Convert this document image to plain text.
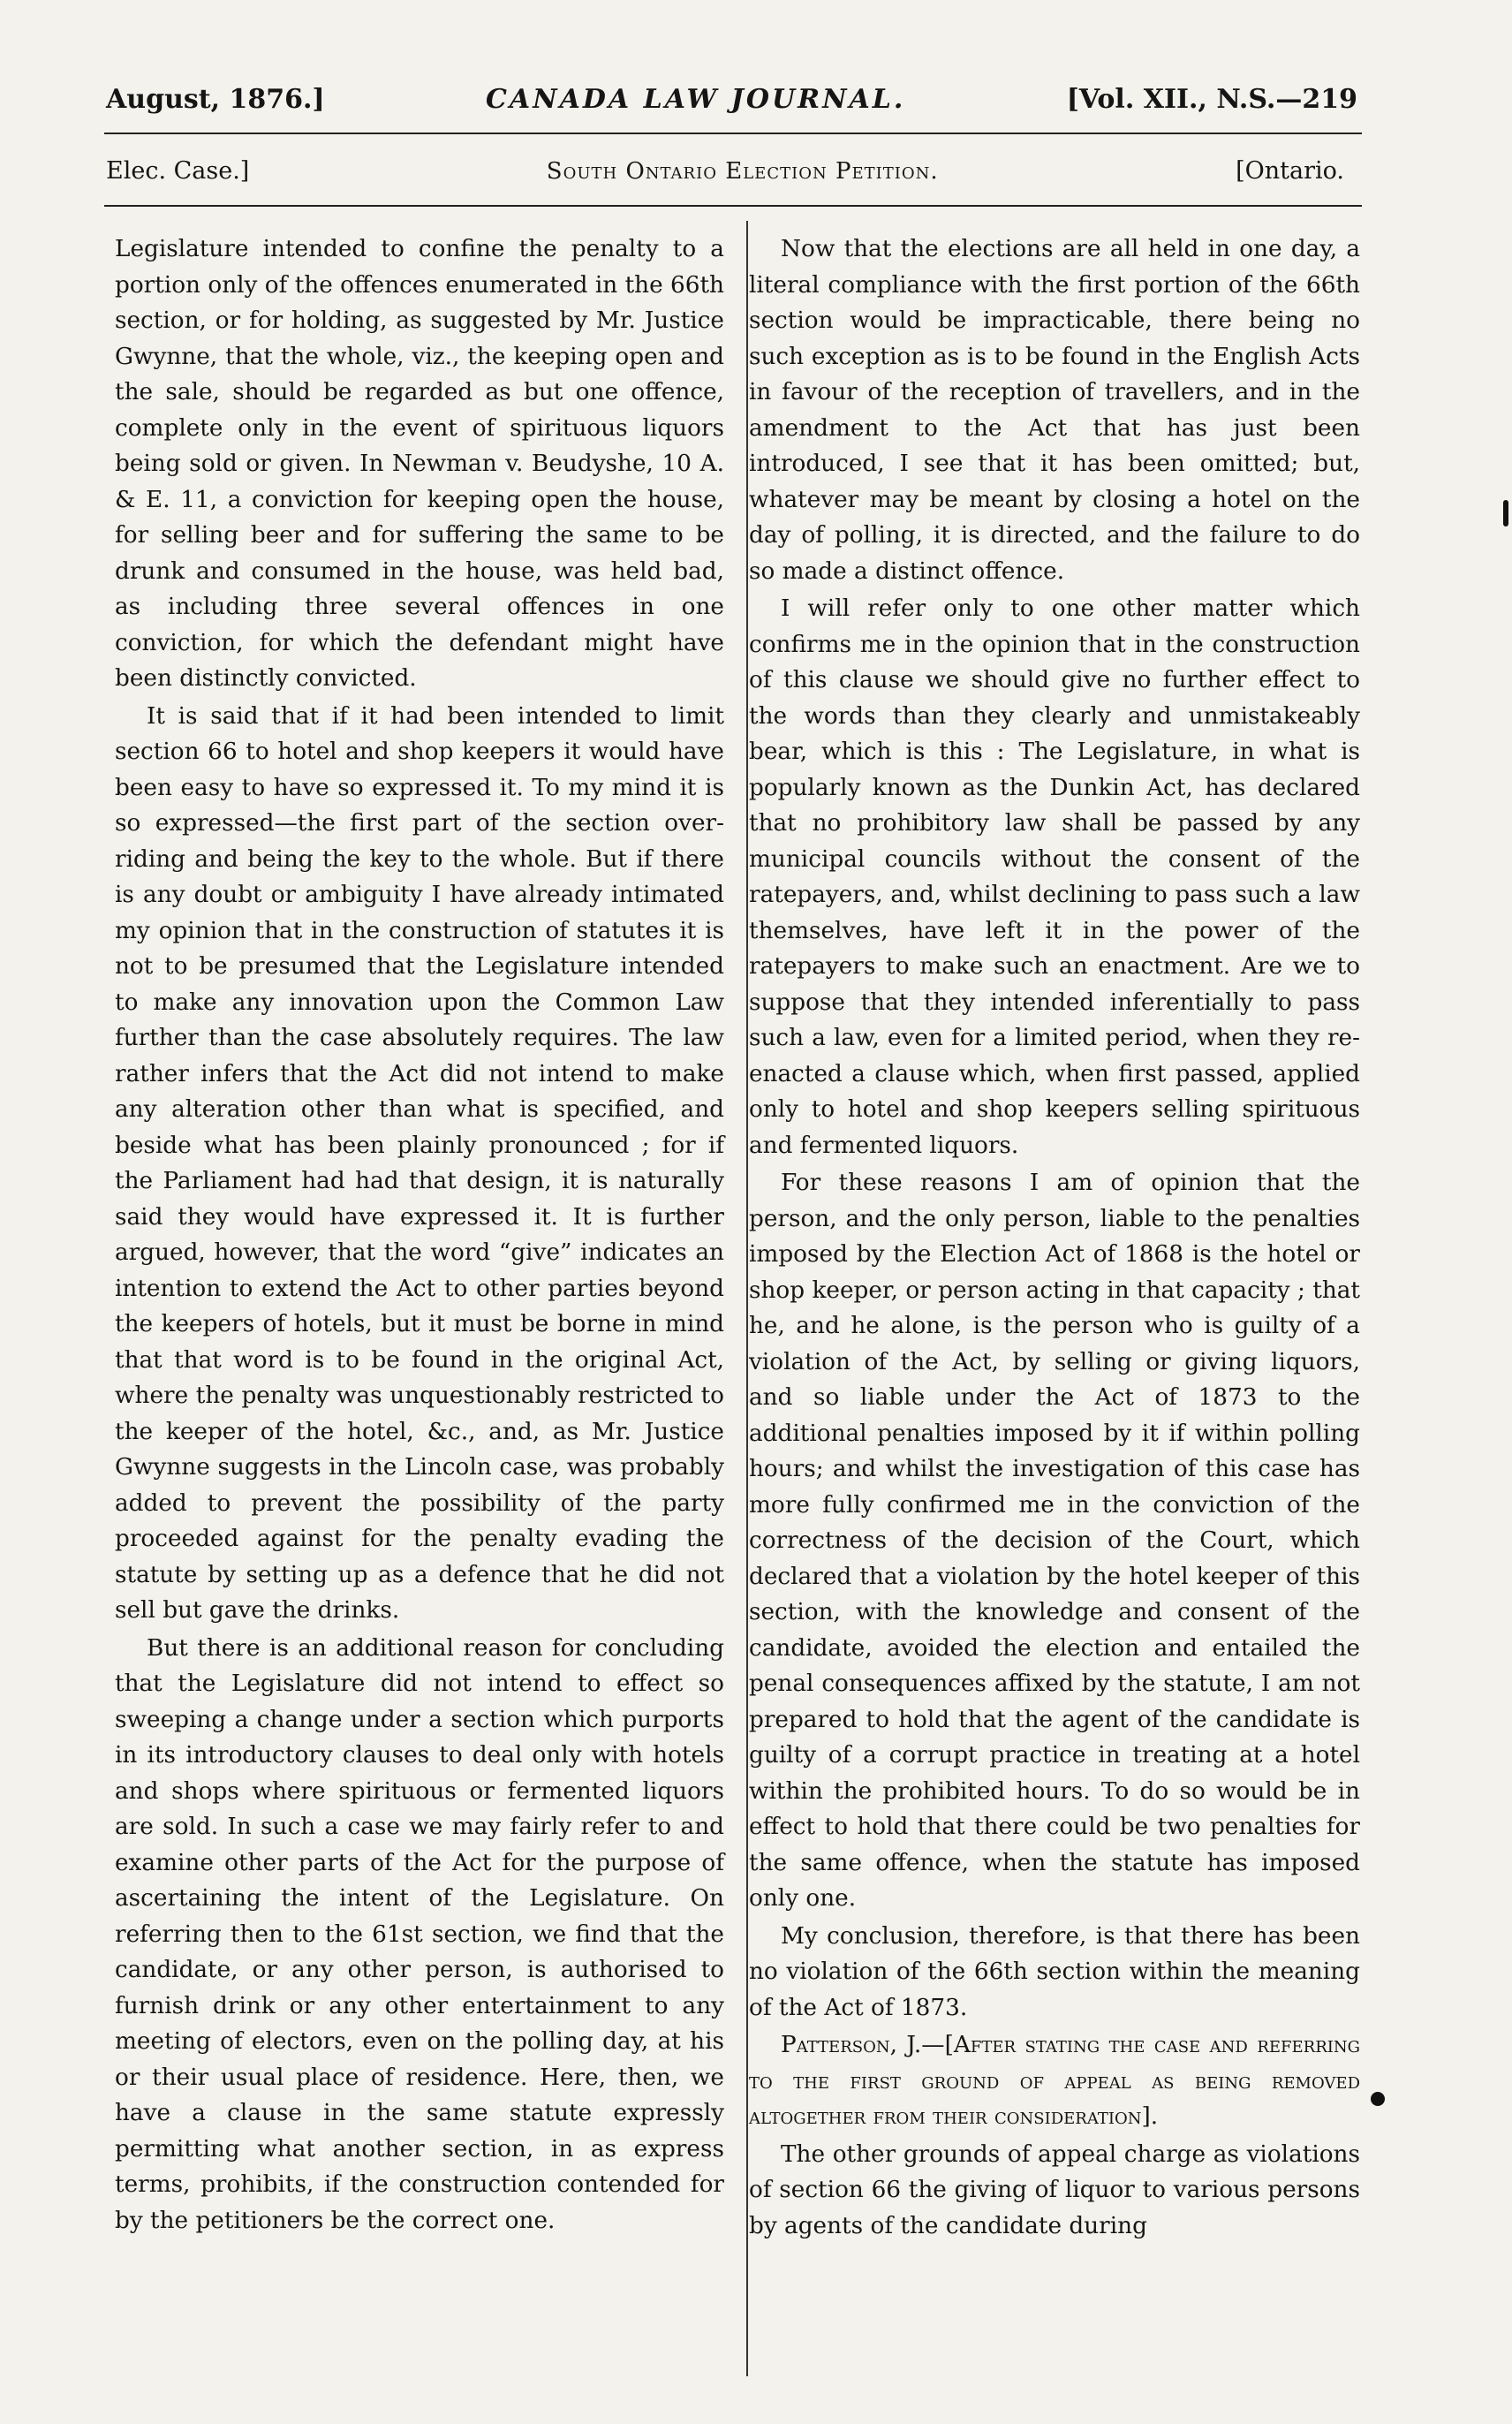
August, 1876.]	CANADA LAW JOURNAL.	[Vol. XII., N.S.—219
Elec. Case.]	South Ontario Election Petition.	[Ontario.

Legislature intended to confine the penalty to a portion only of the offences enumerated in the 66th section, or for holding, as suggested by Mr. Justice Gwynne, that the whole, viz., the keeping open and the sale, should be regarded as but one offence, complete only in the event of spirituous liquors being sold or given. In Newman v. Beudyshe, 10 A. & E. 11, a conviction for keeping open the house, for selling beer and for suffering the same to be drunk and consumed in the house, was held bad, as including three several offences in one conviction, for which the defendant might have been distinctly convicted.

It is said that if it had been intended to limit section 66 to hotel and shop keepers it would have been easy to have so expressed it. To my mind it is so expressed—the first part of the section over-riding and being the key to the whole. But if there is any doubt or ambiguity I have already intimated my opinion that in the construction of statutes it is not to be presumed that the Legislature intended to make any innovation upon the Common Law further than the case absolutely requires. The law rather infers that the Act did not intend to make any alteration other than what is specified, and beside what has been plainly pronounced ; for if the Parliament had had that design, it is naturally said they would have expressed it. It is further argued, however, that the word “give” indicates an intention to extend the Act to other parties beyond the keepers of hotels, but it must be borne in mind that that word is to be found in the original Act, where the penalty was unquestionably restricted to the keeper of the hotel, &c., and, as Mr. Justice Gwynne suggests in the Lincoln case, was probably added to prevent the possibility of the party proceeded against for the penalty evading the statute by setting up as a defence that he did not sell but gave the drinks.

But there is an additional reason for concluding that the Legislature did not intend to effect so sweeping a change under a section which purports in its introductory clauses to deal only with hotels and shops where spirituous or fermented liquors are sold. In such a case we may fairly refer to and examine other parts of the Act for the purpose of ascertaining the intent of the Legislature. On referring then to the 61st section, we find that the candidate, or any other person, is authorised to furnish drink or any other entertainment to any meeting of electors, even on the polling day, at his or their usual place of residence. Here, then, we have a clause in the same statute expressly permitting what another section, in as express terms, prohibits, if the construction contended for by the petitioners be the correct one.

Now that the elections are all held in one day, a literal compliance with the first portion of the 66th section would be impracticable, there being no such exception as is to be found in the English Acts in favour of the reception of travellers, and in the amendment to the Act that has just been introduced, I see that it has been omitted; but, whatever may be meant by closing a hotel on the day of polling, it is directed, and the failure to do so made a distinct offence.

I will refer only to one other matter which confirms me in the opinion that in the construction of this clause we should give no further effect to the words than they clearly and unmistakeably bear, which is this : The Legislature, in what is popularly known as the Dunkin Act, has declared that no prohibitory law shall be passed by any municipal councils without the consent of the ratepayers, and, whilst declining to pass such a law themselves, have left it in the power of the ratepayers to make such an enactment. Are we to suppose that they intended inferentially to pass such a law, even for a limited period, when they re-enacted a clause which, when first passed, applied only to hotel and shop keepers selling spirituous and fermented liquors.

For these reasons I am of opinion that the person, and the only person, liable to the penalties imposed by the Election Act of 1868 is the hotel or shop keeper, or person acting in that capacity ; that he, and he alone, is the person who is guilty of a violation of the Act, by selling or giving liquors, and so liable under the Act of 1873 to the additional penalties imposed by it if within polling hours; and whilst the investigation of this case has more fully confirmed me in the conviction of the correctness of the decision of the Court, which declared that a violation by the hotel keeper of this section, with the knowledge and consent of the candidate, avoided the election and entailed the penal consequences affixed by the statute, I am not prepared to hold that the agent of the candidate is guilty of a corrupt practice in treating at a hotel within the prohibited hours. To do so would be in effect to hold that there could be two penalties for the same offence, when the statute has imposed only one.

My conclusion, therefore, is that there has been no violation of the 66th section within the meaning of the Act of 1873.

Patterson, J.—[After stating the case and referring to the first ground of appeal as being removed altogether from their consideration].

The other grounds of appeal charge as violations of section 66 the giving of liquor to various persons by agents of the candidate during
